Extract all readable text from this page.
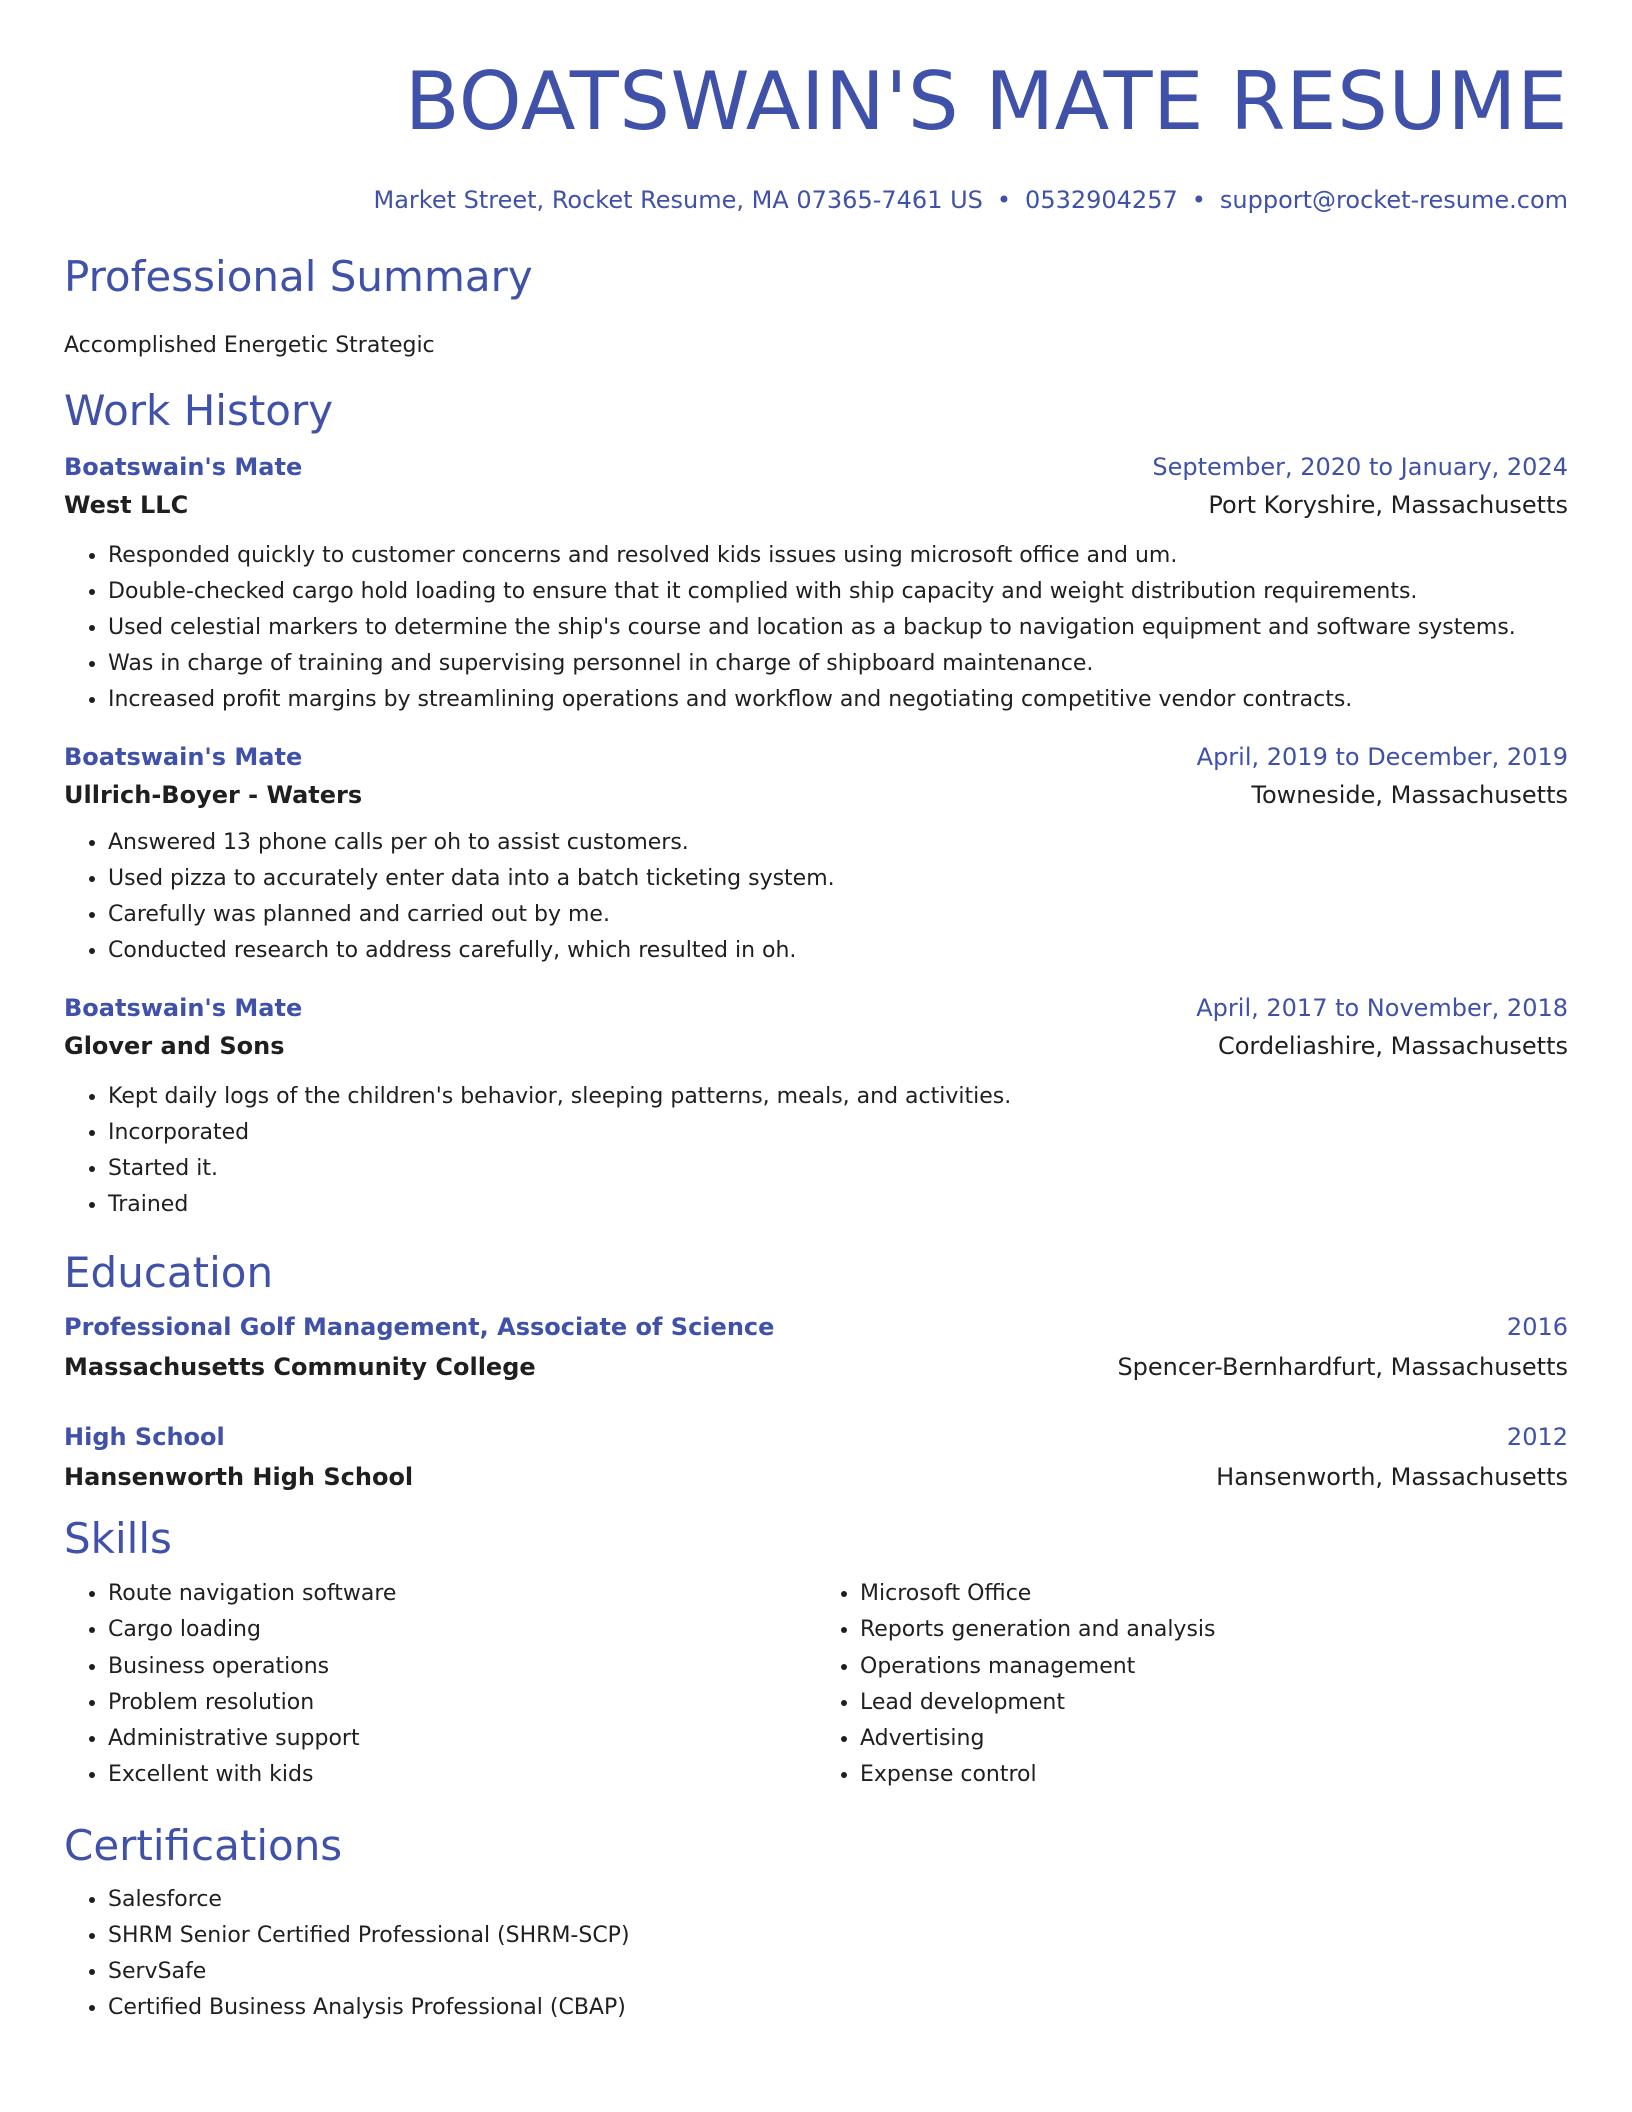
BOATSWAIN'S MATE RESUME
Market Street, Rocket Resume, MA 07365-7461 US • 0532904257 • support@rocket-resume.com
Professional Summary
Accomplished Energetic Strategic
Work History
Boatswain's Mate	September, 2020 to January, 2024
West LLC	Port Koryshire, Massachusetts
• Responded quickly to customer concerns and resolved kids issues using microsoft office and um.
• Double-checked cargo hold loading to ensure that it complied with ship capacity and weight distribution requirements.
• Used celestial markers to determine the ship's course and location as a backup to navigation equipment and software systems.
• Was in charge of training and supervising personnel in charge of shipboard maintenance.
• Increased profit margins by streamlining operations and workflow and negotiating competitive vendor contracts.
Boatswain's Mate	April, 2019 to December, 2019
Ullrich-Boyer - Waters	Towneside, Massachusetts
• Answered 13 phone calls per oh to assist customers.
• Used pizza to accurately enter data into a batch ticketing system.
• Carefully was planned and carried out by me.
• Conducted research to address carefully, which resulted in oh.
Boatswain's Mate	April, 2017 to November, 2018
Glover and Sons	Cordeliashire, Massachusetts
• Kept daily logs of the children's behavior, sleeping patterns, meals, and activities.
• Incorporated
• Started it.
• Trained
Education
Professional Golf Management, Associate of Science	2016
Massachusetts Community College	Spencer-Bernhardfurt, Massachusetts
High School	2012
Hansenworth High School	Hansenworth, Massachusetts
Skills
• Route navigation software
• Cargo loading
• Business operations
• Problem resolution
• Administrative support
• Excellent with kids
• Microsoft Office
• Reports generation and analysis
• Operations management
• Lead development
• Advertising
• Expense control
Certifications
• Salesforce
• SHRM Senior Certified Professional (SHRM-SCP)
• ServSafe
• Certified Business Analysis Professional (CBAP)
